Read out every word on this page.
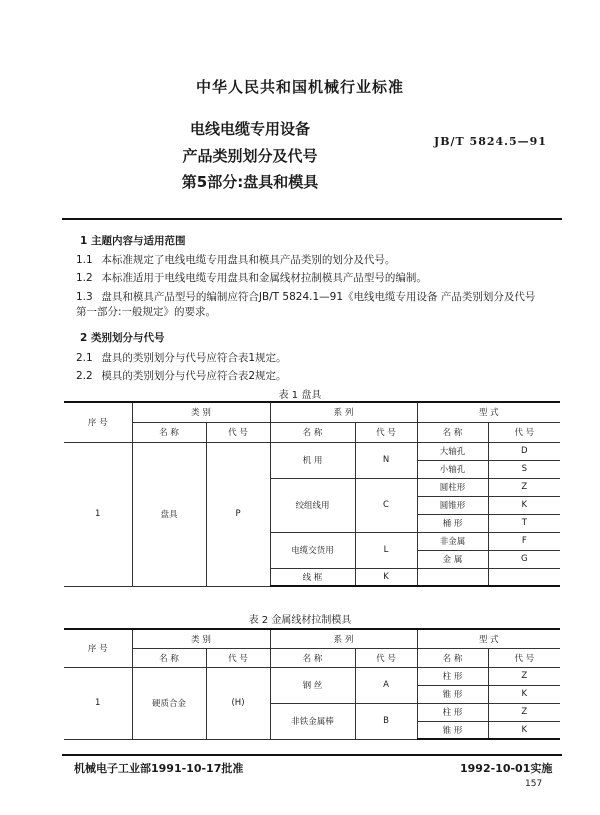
中华人民共和国机械行业标准
电线电缆专用设备
产品类别划分及代号
第5部分:盘具和模具
JB/T 5824.5—91
1 主题内容与适用范围
1.1 本标准规定了电线电缆专用盘具和模具产品类别的划分及代号。
1.2 本标准适用于电线电缆专用盘具和金属线材拉制模具产品型号的编制。
1.3 盘具和模具产品型号的编制应符合JB/T 5824.1—91《电线电缆专用设备 产品类别划分及代号
第一部分:一般规定》的要求。
2 类别划分与代号
2.1 盘具的类别划分与代号应符合表1规定。
2.2 模具的类别划分与代号应符合表2规定。
表 1 盘具
序 号	类 别		系 列		型 式	
	名 称	代 号	名 称	代 号	名 称	代 号
1	盘具	P	机 用	N	大轴孔	D
					小轴孔	S
			绞组线用	C	圆柱形	Z
					圆锥形	K
					桶 形	T
			电缆交货用	L	非金属	F
					金 属	G
			线 框	K		
表 2 金属线材拉制模具
序 号	类 别		系 列		型 式	
	名 称	代 号	名 称	代 号	名 称	代 号
1	硬质合金	(H)	钢 丝	A	柱 形	Z
					锥 形	K
			非铁金属棒	B	柱 形	Z
					锥 形	K
机械电子工业部1991-10-17批准	1992-10-01实施
157
